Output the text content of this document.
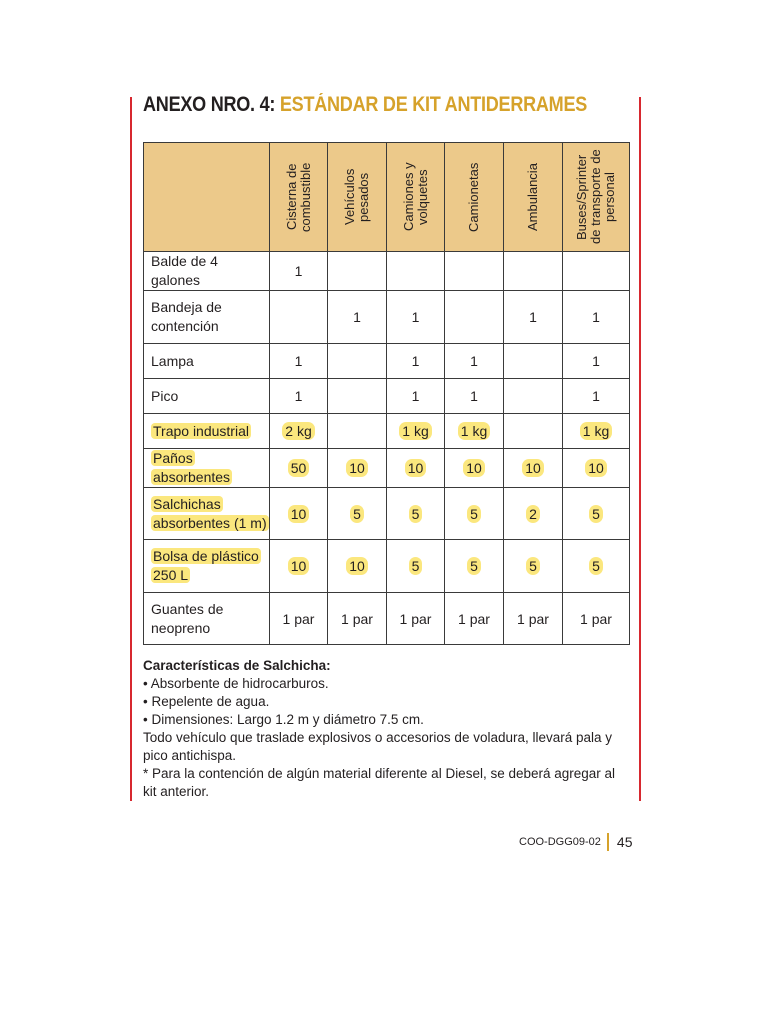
ANEXO NRO. 4: ESTÁNDAR DE KIT ANTIDERRAMES

	Cisterna de combustible	Vehículos pesados	Camiones y volquetes	Camionetas	Ambulancia	Buses/Sprinter de transporte de personal

Balde de 4 galones	1					
Bandeja de contención		1	1		1	1
Lampa	1		1	1		1
Pico	1		1	1		1
Trapo industrial	2 kg		1 kg	1 kg		1 kg
Paños absorbentes	50	10	10	10	10	10
Salchichas absorbentes (1 m)	10	5	5	5	2	5
Bolsa de plástico 250 L	10	10	5	5	5	5
Guantes de neopreno	1 par	1 par	1 par	1 par	1 par	1 par

Características de Salchicha:

• Absorbente de hidrocarburos.

• Repelente de agua.

• Dimensiones: Largo 1.2 m y diámetro 7.5 cm.

Todo vehículo que traslade explosivos o accesorios de voladura, llevará pala y pico antichispa.

* Para la contención de algún material diferente al Diesel, se deberá agregar al kit anterior.

COO-DGG09-02 45
